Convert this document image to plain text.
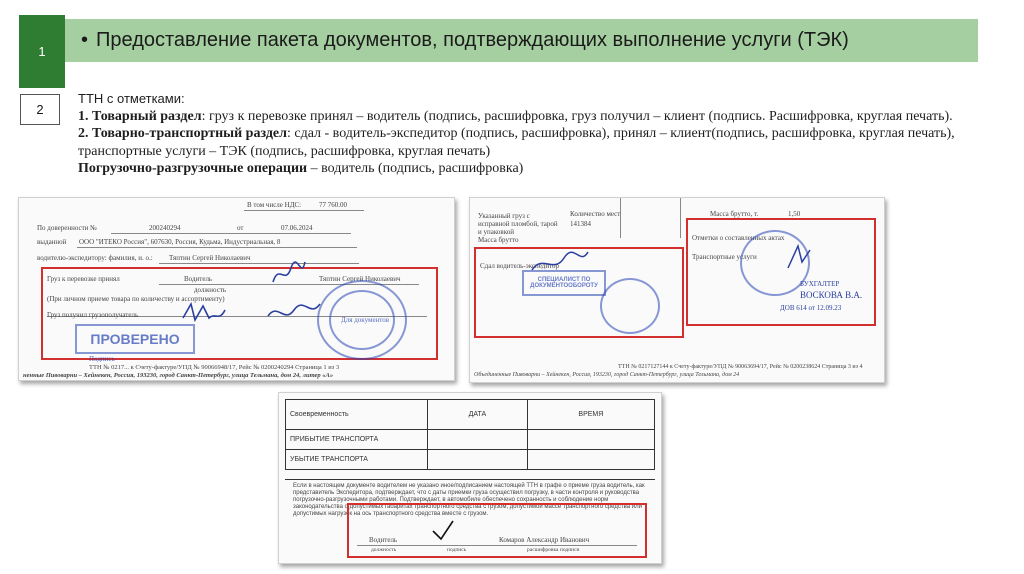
1
• Предоставление пакета документов, подтверждающих выполнение услуги (ТЭК)
2
ТТН с отметками:
1. Товарный раздел: груз к перевозке принял – водитель (подпись, расшифровка, груз получил – клиент (подпись. Расшифровка, круглая печать).
2. Товарно-транспортный раздел: сдал - водитель-экспедитор (подпись, расшифровка), принял – клиент(подпись, расшифровка, круглая печать), транспортные услуги – ТЭК (подпись, расшифровка, круглая печать)
Погрузочно-разгрузочные операции – водитель (подпись, расшифровка)
В том числе НДС:	77 760.00
По доверенности №	200240294	от	07.06.2024
выданной ООО "ИТЕКО Россия", 607630, Россия, Кудьма, Индустриальная, 8
водителю-экспедитору: фамилия, и. о.: Тяптин Сергей Николаевич
Груз к перевозке принял	Водитель	Тяптин Сергей Николаевич
должность
(При личном приеме товара по количеству и ассортименту)
Груз получил грузополучатель
Для документов
ПРОВЕРЕНО
Подпись
ТТН № 0217... к Счету-фактуре/УПД № 90066948/17, Рейс № 0200240294 Страница 1 из 3
ненные Пивоварни – Хейнекен, Россия, 193230, город Санкт-Петербург, улица Тельмана, дом 24, литер «А»
Указанный груз с исправной пломбой, тарой и упаковкой
Количество мест
141384
Масса брутто
Масса брутто, т.	1,50
Сдал водитель-экспедитор
СПЕЦИАЛИСТ ПО ДОКУМЕНТООБОРОТУ
Отметки о составленных актах
Транспортные услуги
БУХГАЛТЕР
ВОСКОВА В.А.
ДОВ 614 от 12.09.23
ТТН № 0217127144 к Счету-фактуре/УПД № 90063694/17, Рейс № 0200238624 Страница 3 из 4
Объединенные Пивоварни – Хейнекен, Россия, 193230, город Санкт-Петербург, улица Тельмана, дом 24
Своевременность	ДАТА	ВРЕМЯ
ПРИБЫТИЕ ТРАНСПОРТА		
УБЫТИЕ ТРАНСПОРТА		
Если в настоящем документе водителем не указано иное/подписанием настоящей ТТН в графе о приеме груза водитель, как представитель Экспедитора, подтверждает, что с даты приемки груза осуществил погрузку, в части контроля и руководства погрузочно-разгрузочными работами. Подтверждает, в автомобиле обеспечено сохранность и соблюдение норм законодательства о допустимых габаритах транспортного средства с грузом, допустимой массе транспортного средства или допустимых нагрузок на ось транспортного средства вместе с грузом.
Водитель	Комаров Александр Иванович
должность	подпись	расшифровка подписи
